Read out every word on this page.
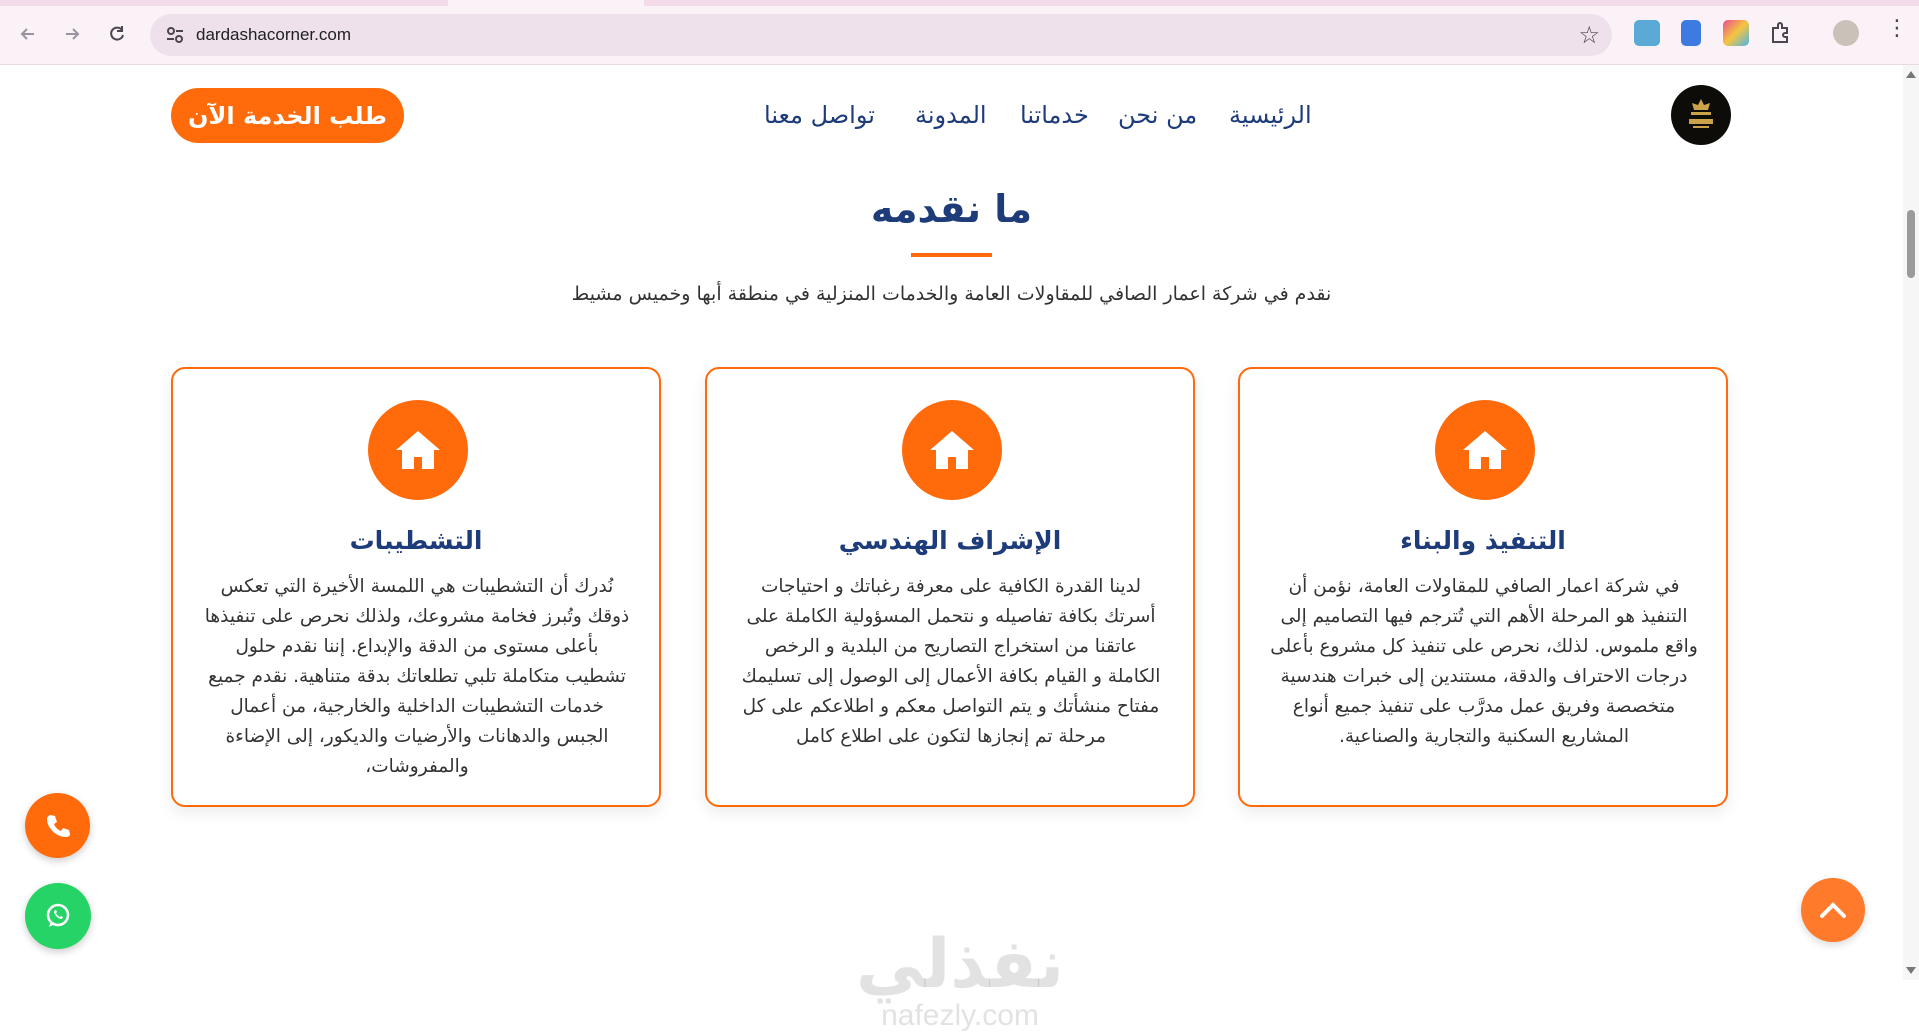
dardashacorner.com	☆	⋮
طلب الخدمة الآن	الرئيسية
من نحن
خدماتنا
المدونة
تواصل معنا
ما نقدمه
نقدم في شركة اعمار الصافي للمقاولات العامة والخدمات المنزلية في منطقة أبها وخميس مشيط
التنفيذ والبناء
في شركة اعمار الصافي للمقاولات العامة، نؤمن أن التنفيذ هو المرحلة الأهم التي تُترجم فيها التصاميم إلى واقع ملموس. لذلك، نحرص على تنفيذ كل مشروع بأعلى درجات الاحتراف والدقة، مستندين إلى خبرات هندسية متخصصة وفريق عمل مدرَّب على تنفيذ جميع أنواع المشاريع السكنية والتجارية والصناعية.
الإشراف الهندسي
لدينا القدرة الكافية على معرفة رغباتك و احتياجات أسرتك بكافة تفاصيله و نتحمل المسؤولية الكاملة على عاتقنا من استخراج التصاريح من البلدية و الرخص الكاملة و القيام بكافة الأعمال إلى الوصول إلى تسليمك مفتاح منشأتك و يتم التواصل معكم و اطلاعكم على كل مرحلة تم إنجازها لتكون على اطلاع كامل
التشطيبات
نُدرك أن التشطيبات هي اللمسة الأخيرة التي تعكس ذوقك وتُبرز فخامة مشروعك، ولذلك نحرص على تنفيذها بأعلى مستوى من الدقة والإبداع. إننا نقدم حلول تشطيب متكاملة تلبي تطلعاتك بدقة متناهية. نقدم جميع خدمات التشطيبات الداخلية والخارجية، من أعمال الجبس والدهانات والأرضيات والديكور، إلى الإضاءة والمفروشات،
نفذلي
nafezly.com
